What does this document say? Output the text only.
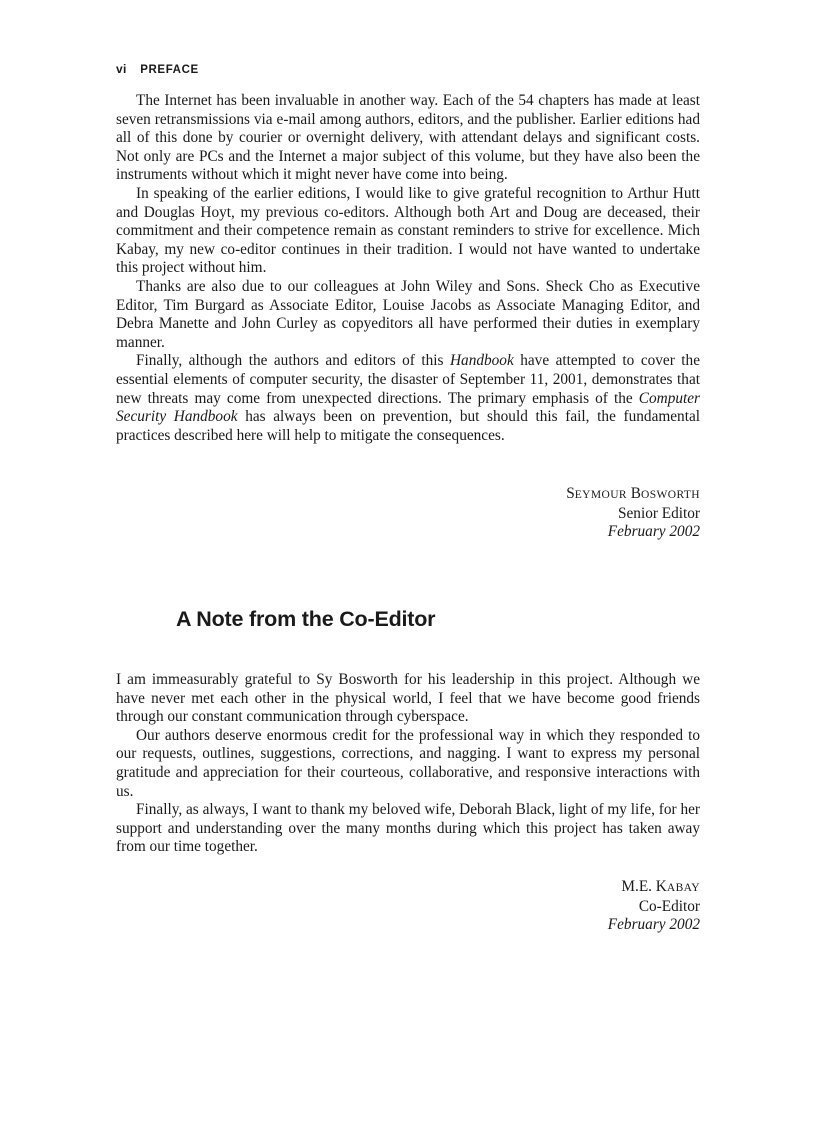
vi PREFACE

The Internet has been invaluable in another way. Each of the 54 chapters has made at least seven retransmissions via e-mail among authors, editors, and the publisher. Earlier editions had all of this done by courier or overnight delivery, with attendant delays and significant costs. Not only are PCs and the Internet a major subject of this volume, but they have also been the instruments without which it might never have come into being.

In speaking of the earlier editions, I would like to give grateful recognition to Arthur Hutt and Douglas Hoyt, my previous co-editors. Although both Art and Doug are deceased, their commitment and their competence remain as constant reminders to strive for excellence. Mich Kabay, my new co-editor continues in their tradition. I would not have wanted to undertake this project without him.

Thanks are also due to our colleagues at John Wiley and Sons. Sheck Cho as Executive Editor, Tim Burgard as Associate Editor, Louise Jacobs as Associate Managing Editor, and Debra Manette and John Curley as copyeditors all have performed their duties in exemplary manner.

Finally, although the authors and editors of this Handbook have attempted to cover the essential elements of computer security, the disaster of September 11, 2001, demonstrates that new threats may come from unexpected directions. The primary emphasis of the Computer Security Handbook has always been on prevention, but should this fail, the fundamental practices described here will help to mitigate the consequences.

SEYMOUR BOSWORTH
Senior Editor
February 2002
A Note from the Co-Editor

I am immeasurably grateful to Sy Bosworth for his leadership in this project. Although we have never met each other in the physical world, I feel that we have become good friends through our constant communication through cyberspace.

Our authors deserve enormous credit for the professional way in which they responded to our requests, outlines, suggestions, corrections, and nagging. I want to express my personal gratitude and appreciation for their courteous, collaborative, and responsive interactions with us.

Finally, as always, I want to thank my beloved wife, Deborah Black, light of my life, for her support and understanding over the many months during which this project has taken away from our time together.

M.E. KABAY
Co-Editor
February 2002
